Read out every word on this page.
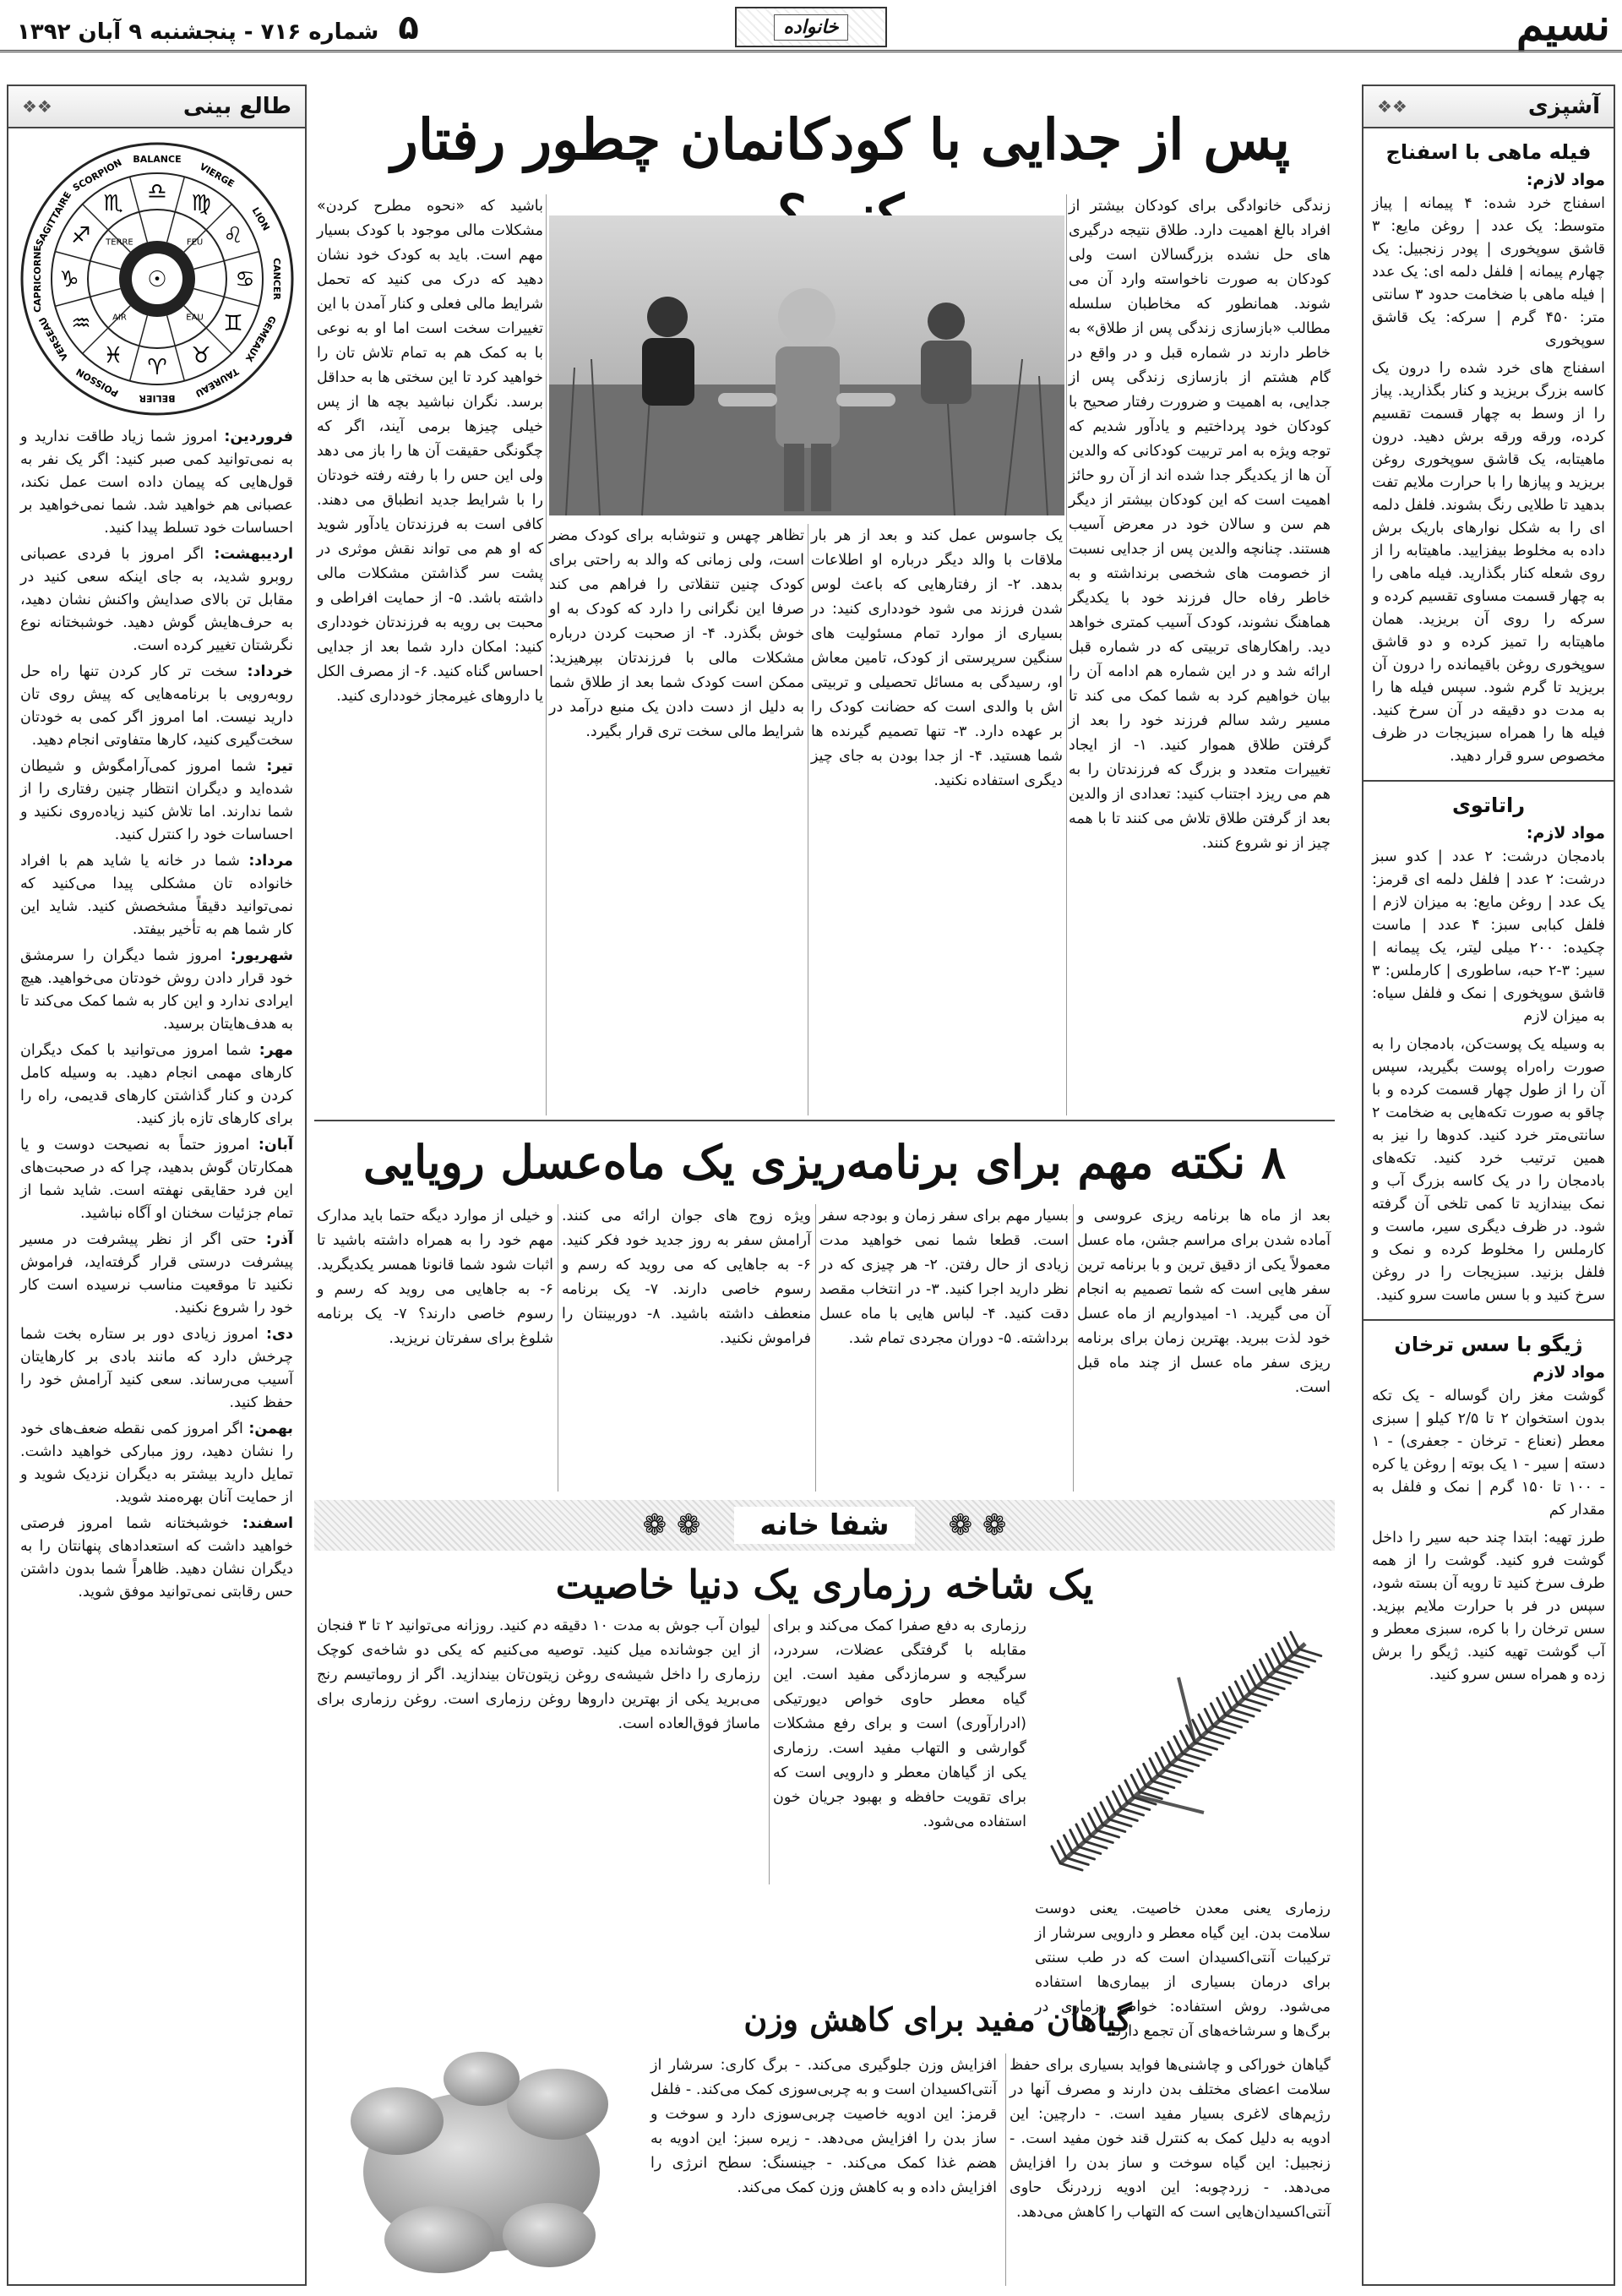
نسیم
خانواده
۵ شماره ۷۱۶ - پنجشنبه ۹ آبان ۱۳۹۲
آشپزی
❖❖
فیله ماهی با اسفناج
مواد لازم:
اسفناج خرد شده: ۴ پیمانه | پیاز متوسط: یک عدد | روغن مایع: ۳ قاشق سوپخوری | پودر زنجبیل: یک چهارم پیمانه | فلفل دلمه ای: یک عدد | فیله ماهی با ضخامت حدود ۳ سانتی متر: ۴۵۰ گرم | سرکه: یک قاشق سوپخوری
اسفناج های خرد شده را درون یک کاسه بزرگ بریزید و کنار بگذارید. پیاز را از وسط به چهار قسمت تقسیم کرده، ورقه ورقه برش دهید. درون ماهیتابه، یک قاشق سوپخوری روغن بریزید و پیازها را با حرارت ملایم تفت بدهید تا طلایی رنگ بشوند. فلفل دلمه ای را به شکل نوارهای باریک برش داده به مخلوط بیفزایید. ماهیتابه را از روی شعله کنار بگذارید. فیله ماهی را به چهار قسمت مساوی تقسیم کرده و سرکه را روی آن بریزید. همان ماهیتابه را تمیز کرده و دو قاشق سوپخوری روغن باقیمانده را درون آن بریزید تا گرم شود. سپس فیله ها را به مدت دو دقیقه در آن سرخ کنید. فیله ها را همراه سبزیجات در ظرف مخصوص سرو قرار دهید.
راتاتوی
مواد لازم:
بادمجان درشت: ۲ عدد | کدو سبز درشت: ۲ عدد | فلفل دلمه ای قرمز: یک عدد | روغن مایع: به میزان لازم | فلفل کبابی سبز: ۴ عدد | ماست چکیده: ۲۰۰ میلی لیتر، یک پیمانه | سیر: ۳-۲ حبه، ساطوری | کارملس: ۳ قاشق سوپخوری | نمک و فلفل سیاه: به میزان لازم
به وسیله یک پوست‌کن، بادمجان را به صورت راه‌راه پوست بگیرید، سپس آن را از طول چهار قسمت کرده و با چاقو به صورت تکه‌هایی به ضخامت ۲ سانتی‌متر خرد کنید. کدوها را نیز به همین ترتیب خرد کنید. تکه‌های بادمجان را در یک کاسه بزرگ آب و نمک بیندازید تا کمی تلخی آن گرفته شود. در ظرف دیگری سیر، ماست و کارملس را مخلوط کرده و نمک و فلفل بزنید. سبزیجات را در روغن سرخ کنید و با سس ماست سرو کنید.
ژیگو با سس ترخان
مواد لازم
گوشت مغز ران گوساله - یک تکه بدون استخوان ۲ تا ۲/۵ کیلو | سبزی معطر (نعناع - ترخان - جعفری) - ۱ دسته | سیر - ۱ یک بوته | روغن یا کره - ۱۰۰ تا ۱۵۰ گرم | نمک و فلفل به مقدار کم
طرز تهیه: ابتدا چند حبه سیر را داخل گوشت فرو کنید. گوشت را از همه طرف سرخ کنید تا رویه آن بسته شود، سپس در فر با حرارت ملایم بپزید. سس ترخان را با کره، سبزی معطر و آب گوشت تهیه کنید. ژیگو را برش زده و همراه سس سرو کنید.
طالع بینی
❖❖
☉
♎ ♍
♌
♋
♊
♉
♈
♓
♒
♑
♐
♏
BALANCE
VIERGE
LION
CANCER
GEMEAUX
TAUREAU
BELIER
POISSON
VERSEAU
CAPRICORNE
SAGITTAIRE
SCORPION
FEU
EAU
AIR
TERRE
فروردین: امروز شما زیاد طاقت ندارید و به نمی‌توانید کمی صبر کنید: اگر یک نفر به قول‌هایی که پیمان داده است عمل نکند، عصبانی هم خواهید شد. شما نمی‌خواهید بر احساسات خود تسلط پیدا کنید.
اردیبهشت: اگر امروز با فردی عصبانی روبرو شدید، به جای اینکه سعی کنید در مقابل تن بالای صدایش واکنش نشان دهید، به حرف‌هایش گوش دهید. خوشبختانه نوع نگرشتان تغییر کرده است.
خرداد: سخت تر کار کردن تنها راه حل روبه‌رویی با برنامه‌هایی که پیش روی تان دارید نیست. اما امروز اگر کمی به خودتان سخت‌گیری کنید، کارها متفاوتی انجام دهید.
تیر: شما امروز کمی‌آرامگوش و شیطان شده‌اید و دیگران انتظار چنین رفتاری را از شما ندارند. اما تلاش کنید زیاده‌روی نکنید و احساسات خود را کنترل کنید.
مرداد: شما در خانه یا شاید هم با افراد خانواده تان مشکلی پیدا می‌کنید که نمی‌توانید دقیقاً مشخصش کنید. شاید این کار شما هم به تأخیر بیفتد.
شهریور: امروز شما دیگران را سرمشق خود قرار دادن روش خودتان می‌خواهید. هیچ ایرادی ندارد و این کار به شما کمک می‌کند تا به هدف‌هایتان برسید.
مهر: شما امروز می‌توانید با کمک دیگران کارهای مهمی انجام دهید. به وسیله کامل کردن و کنار گذاشتن کارهای قدیمی، راه را برای کارهای تازه باز کنید.
آبان: امروز حتماً به نصیحت دوست و یا همکارتان گوش بدهید، چرا که در صحبت‌های این فرد حقایقی نهفته است. شاید شما از تمام جزئیات سخنان او آگاه نباشید.
آذر: حتی اگر از نظر پیشرفت در مسیر پیشرفت درستی قرار گرفته‌اید، فراموش نکنید تا موقعیت مناسب نرسیده است کار خود را شروع نکنید.
دی: امروز زیادی دور بر ستاره بخت شما چرخش دارد که مانند بادی بر کارهایتان آسیب می‌رساند. سعی کنید آرامش خود را حفظ کنید.
بهمن: اگر امروز کمی نقطه ضعف‌های خود را نشان دهید، روز مبارکی خواهید داشت. تمایل دارید بیشتر به دیگران نزدیک شوید و از حمایت آنان بهره‌مند شوید.
اسفند: خوشبختانه شما امروز فرصتی خواهید داشت که استعدادهای پنهانتان را به دیگران نشان دهید. ظاهراً شما بدون داشتن حس رقابتی نمی‌توانید موفق شوید.
پس از جدایی با کودکانمان چطور رفتار
زندگی خانوادگی برای کودکان بیشتر از افراد بالغ اهمیت دارد. طلاق نتیجه درگیری های حل نشده بزرگسالان است ولی کودکان به صورت ناخواسته وارد آن می شوند. همانطور که مخاطبان سلسله مطالب «بازسازی زندگی پس از طلاق» به خاطر دارند در شماره قبل و در واقع در گام هشتم از بازسازی زندگی پس از جدایی، به اهمیت و ضرورت رفتار صحیح با کودکان خود پرداختیم و یادآور شدیم که توجه ویژه به امر تربیت کودکانی که والدین آن ها از یکدیگر جدا شده اند از آن رو حائز اهمیت است که این کودکان بیشتر از دیگر هم سن و سالان خود در معرض آسیب هستند. چنانچه والدین پس از جدایی نسبت از خصومت های شخصی برنداشته و به خاطر رفاه حال فرزند خود با یکدیگر هماهنگ نشوند، کودک آسیب کمتری خواهد دید. راهکارهای تربیتی که در شماره قبل ارائه شد و در این شماره هم ادامه آن را بیان خواهیم کرد به شما کمک می کند تا مسیر رشد سالم فرزند خود را بعد از گرفتن طلاق هموار کنید. ۱- از ایجاد تغییرات متعدد و بزرگ که فرزندتان را به هم می ریزد اجتناب کنید: تعدادی از والدین بعد از گرفتن طلاق تلاش می کنند تا با همه چیز از نو شروع کنند.
باشید که «نحوه مطرح کردن» مشکلات مالی موجود با کودک بسیار مهم است. باید به کودک خود نشان دهید که درک می کنید که تحمل شرایط مالی فعلی و کنار آمدن با این تغییرات سخت است اما او به نوعی با به کمک هم به تمام تلاش تان را خواهید کرد تا این سختی ها به حداقل برسد. نگران نباشید بچه ها از پس خیلی چیزها برمی آیند، اگر که چگونگی حقیقت آن ها را باز می دهد ولی این حس را با رفته رفته خودتان را با شرایط جدید انطباق می دهند. کافی است به فرزندتان یادآور شوید که او هم می تواند نقش موثری در پشت سر گذاشتن مشکلات مالی داشته باشد. ۵- از حمایت افراطی و محبت بی رویه به فرزندتان خودداری کنید: امکان دارد شما بعد از جدایی احساس گناه کنید. ۶- از مصرف الکل یا داروهای غیرمجاز خودداری کنید.
یک جاسوس عمل کند و بعد از هر بار ملاقات با والد دیگر درباره او اطلاعات بدهد. ۲- از رفتارهایی که باعث لوس شدن فرزند می شود خودداری کنید: در بسیاری از موارد تمام مسئولیت های سنگین سرپرستی از کودک، تامین معاش او، رسیدگی به مسائل تحصیلی و تربیتی اش با والدی است که حضانت کودک را بر عهده دارد. ۳- تنها تصمیم گیرنده ها شما هستید. ۴- از جدا بودن به جای چیز دیگری استفاده نکنید.
تظاهر چهس و تنوشابه برای کودک مضر است، ولی زمانی که والد به راحتی برای کودک چنین تنقلاتی را فراهم می کند صرفا این نگرانی را دارد که کودک به او خوش بگذرد. ۴- از صحبت کردن درباره مشکلات مالی با فرزندتان بپرهیزید: ممکن است کودک شما بعد از طلاق شما به دلیل از دست دادن یک منبع درآمد در شرایط مالی سخت تری قرار بگیرد.
۸ نکته مهم برای برنامه‌ریزی یک ماه‌عسل رویایی
بعد از ماه ها برنامه ریزی عروسی و آماده شدن برای مراسم جشن، ماه عسل معمولاً یکی از دقیق ترین و با برنامه ترین سفر هایی است که شما تصمیم به انجام آن می گیرید. ۱- امیدواریم از ماه عسل خود لذت ببرید. بهترین زمان برای برنامه ریزی سفر ماه عسل از چند ماه قبل است.
بسیار مهم برای سفر زمان و بودجه سفر است. قطعا شما نمی خواهید مدت زیادی از حال رفتن. ۲- هر چیزی که در نظر دارید اجرا کنید. ۳- در انتخاب مقصد دقت کنید. ۴- لباس هایی با ماه عسل برداشته. ۵- دوران مجردی تمام شد.
ویژه زوج های جوان ارائه می کنند. آرامش سفر به روز جدید خود فکر کنید. ۶- به جاهایی که می روید که رسم و رسوم خاصی دارند. ۷- یک برنامه منعطف داشته باشید. ۸- دوربینتان را فراموش نکنید.
و خیلی از موارد دیگه حتما باید مدارک مهم خود را به همراه داشته باشید تا اثبات شود شما قانونا همسر یکدیگرید. ۶- به جاهایی می روید که رسم و رسوم خاصی دارند؟ ۷- یک برنامه شلوغ برای سفرتان نریزید.
❁ ❁
شفا خانه
❁ ❁
یک شاخه رزماری یک دنیا خاصیت
رزماری به دفع صفرا کمک می‌کند و برای مقابله با گرفتگی عضلات، سردرد، سرگیجه و سرمازدگی مفید است. این گیاه معطر حاوی خواص دیورتیکی (ادرارآوری) است و برای رفع مشکلات گوارشی و التهاب مفید است. رزماری یکی از گیاهان معطر و دارویی است که برای تقویت حافظه و بهبود جریان خون استفاده می‌شود.
لیوان آب جوش به مدت ۱۰ دقیقه دم کنید. روزانه می‌توانید ۲ تا ۳ فنجان از این جوشانده میل کنید. توصیه می‌کنیم که یکی دو شاخه‌ی کوچک رزماری را داخل شیشه‌ی روغن زیتون‌تان بیندازید. اگر از روماتیسم رنج می‌برید یکی از بهترین داروها روغن رزماری است. روغن رزماری برای ماساژ فوق‌العاده است.
رزماری یعنی معدن خاصیت. یعنی دوست سلامت بدن. این گیاه معطر و دارویی سرشار از ترکیبات آنتی‌اکسیدان است که در طب سنتی برای درمان بسیاری از بیماری‌ها استفاده می‌شود. روش استفاده: خواص رزماری در برگ‌ها و سرشاخه‌های آن تجمع دارد.
گیاهان مفید برای کاهش وزن
گیاهان خوراکی و چاشنی‌ها فواید بسیاری برای حفظ سلامت اعضای مختلف بدن دارند و مصرف آنها در رژیم‌های لاغری بسیار مفید است. - دارچین: این ادویه به دلیل کمک به کنترل قند خون مفید است. - زنجبیل: این گیاه سوخت و ساز بدن را افزایش می‌دهد. - زردچوبه: این ادویه زردرنگ حاوی آنتی‌اکسیدان‌هایی است که التهاب را کاهش می‌دهد.
افزایش وزن جلوگیری می‌کند. - برگ کاری: سرشار از آنتی‌اکسیدان است و به چربی‌سوزی کمک می‌کند. - فلفل قرمز: این ادویه خاصیت چربی‌سوزی دارد و سوخت و ساز بدن را افزایش می‌دهد. - زیره سبز: این ادویه به هضم غذا کمک می‌کند. - جینسنگ: سطح انرژی را افزایش داده و به کاهش وزن کمک می‌کند.
